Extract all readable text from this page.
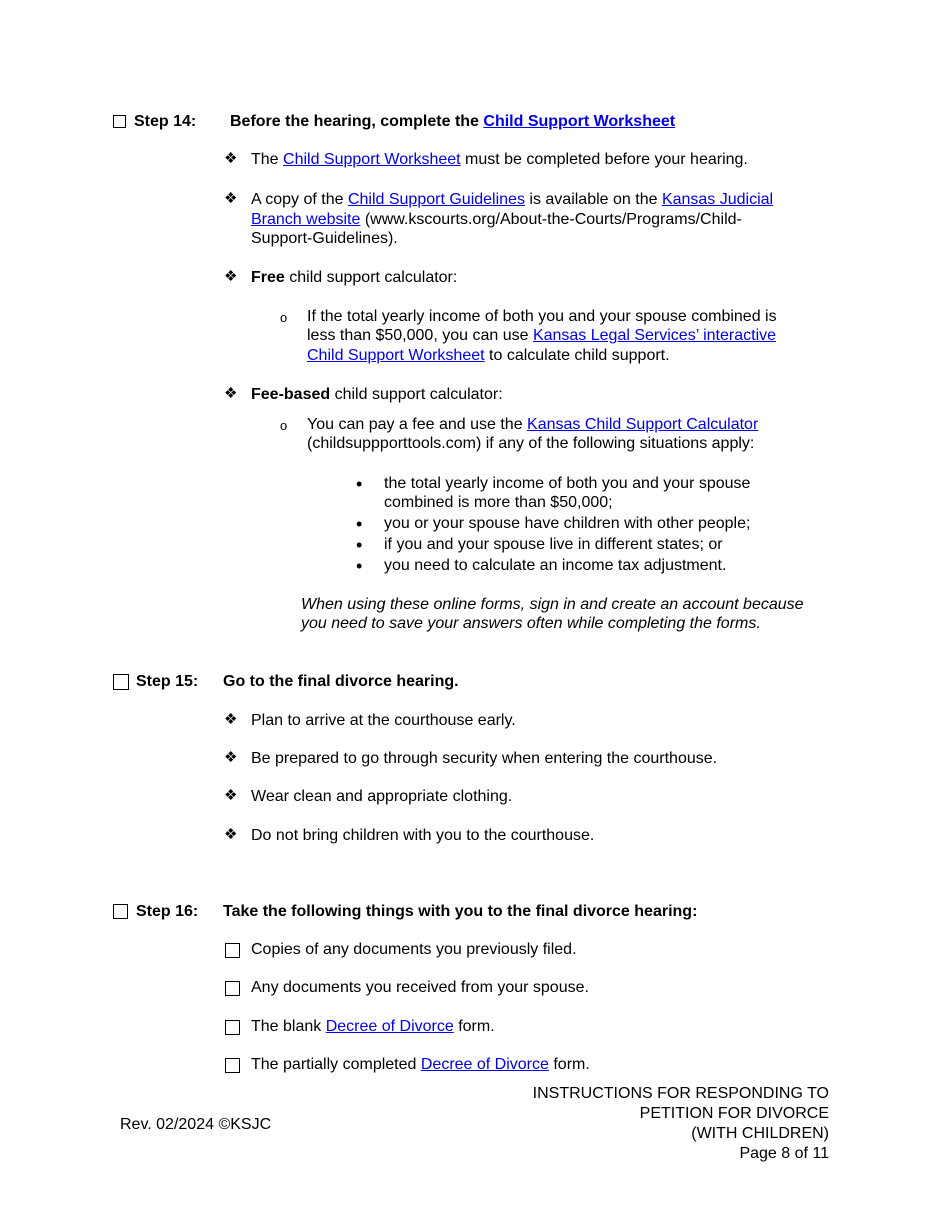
Step 14: Before the hearing, complete the Child Support Worksheet
❖ The Child Support Worksheet must be completed before your hearing.
❖ A copy of the Child Support Guidelines is available on the Kansas Judicial
Branch website (www.kscourts.org/About-the-Courts/Programs/Child-
Support-Guidelines).
❖ Free child support calculator:
o If the total yearly income of both you and your spouse combined is
less than $50,000, you can use Kansas Legal Services’ interactive
Child Support Worksheet to calculate child support.
❖ Fee-based child support calculator:
o You can pay a fee and use the Kansas Child Support Calculator
(childsuppporttools.com) if any of the following situations apply:
• the total yearly income of both you and your spouse
combined is more than $50,000;
• you or your spouse have children with other people;
• if you and your spouse live in different states; or
• you need to calculate an income tax adjustment.
When using these online forms, sign in and create an account because
you need to save your answers often while completing the forms.
Step 15: Go to the final divorce hearing.
❖ Plan to arrive at the courthouse early.
❖ Be prepared to go through security when entering the courthouse.
❖ Wear clean and appropriate clothing.
❖ Do not bring children with you to the courthouse.
Step 16: Take the following things with you to the final divorce hearing:
Copies of any documents you previously filed.
Any documents you received from your spouse.
The blank Decree of Divorce form.
The partially completed Decree of Divorce form.
Rev. 02/2024 ©KSJC
INSTRUCTIONS FOR RESPONDING TO
PETITION FOR DIVORCE
(WITH CHILDREN)
Page 8 of 11
